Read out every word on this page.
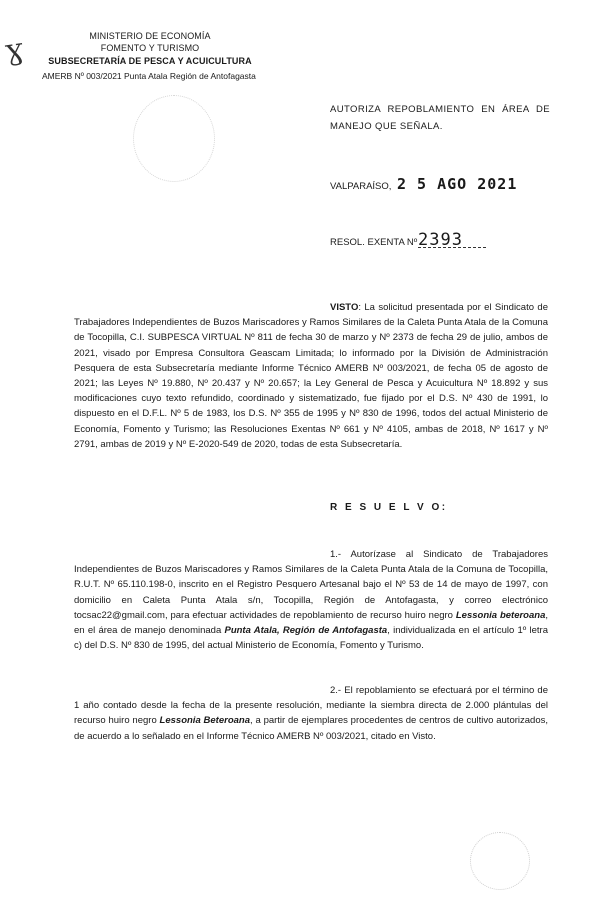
Ɣ
MINISTERIO DE ECONOMÍA
FOMENTO Y TURISMO
SUBSECRETARÍA DE PESCA Y ACUICULTURA
AMERB Nº 003/2021 Punta Atala Región de Antofagasta
AUTORIZA REPOBLAMIENTO EN ÁREA DE MANEJO QUE SEÑALA.
VALPARAÍSO, 2 5 AGO 2021
RESOL. EXENTA Nº 2393
VISTO: La solicitud presentada por el Sindicato de Trabajadores Independientes de Buzos Mariscadores y Ramos Similares de la Caleta Punta Atala de la Comuna de Tocopilla, C.I. SUBPESCA VIRTUAL Nº 811 de fecha 30 de marzo y Nº 2373 de fecha 29 de julio, ambos de 2021, visado por Empresa Consultora Geascam Limitada; lo informado por la División de Administración Pesquera de esta Subsecretaría mediante Informe Técnico AMERB Nº 003/2021, de fecha 05 de agosto de 2021; las Leyes Nº 19.880, Nº 20.437 y Nº 20.657; la Ley General de Pesca y Acuicultura Nº 18.892 y sus modificaciones cuyo texto refundido, coordinado y sistematizado, fue fijado por el D.S. Nº 430 de 1991, lo dispuesto en el D.F.L. Nº 5 de 1983, los D.S. Nº 355 de 1995 y Nº 830 de 1996, todos del actual Ministerio de Economía, Fomento y Turismo; las Resoluciones Exentas Nº 661 y Nº 4105, ambas de 2018, Nº 1617 y Nº 2791, ambas de 2019 y Nº E-2020-549 de 2020, todas de esta Subsecretaría.
R E S U E L V O:
1.- Autorízase al Sindicato de Trabajadores Independientes de Buzos Mariscadores y Ramos Similares de la Caleta Punta Atala de la Comuna de Tocopilla, R.U.T. Nº 65.110.198-0, inscrito en el Registro Pesquero Artesanal bajo el Nº 53 de 14 de mayo de 1997, con domicilio en Caleta Punta Atala s/n, Tocopilla, Región de Antofagasta, y correo electrónico tocsac22@gmail.com, para efectuar actividades de repoblamiento de recurso huiro negro Lessonia beteroana, en el área de manejo denominada Punta Atala, Región de Antofagasta, individualizada en el artículo 1º letra c) del D.S. Nº 830 de 1995, del actual Ministerio de Economía, Fomento y Turismo.
2.- El repoblamiento se efectuará por el término de 1 año contado desde la fecha de la presente resolución, mediante la siembra directa de 2.000 plántulas del recurso huiro negro Lessonia Beteroana, a partir de ejemplares procedentes de centros de cultivo autorizados, de acuerdo a lo señalado en el Informe Técnico AMERB Nº 003/2021, citado en Visto.
